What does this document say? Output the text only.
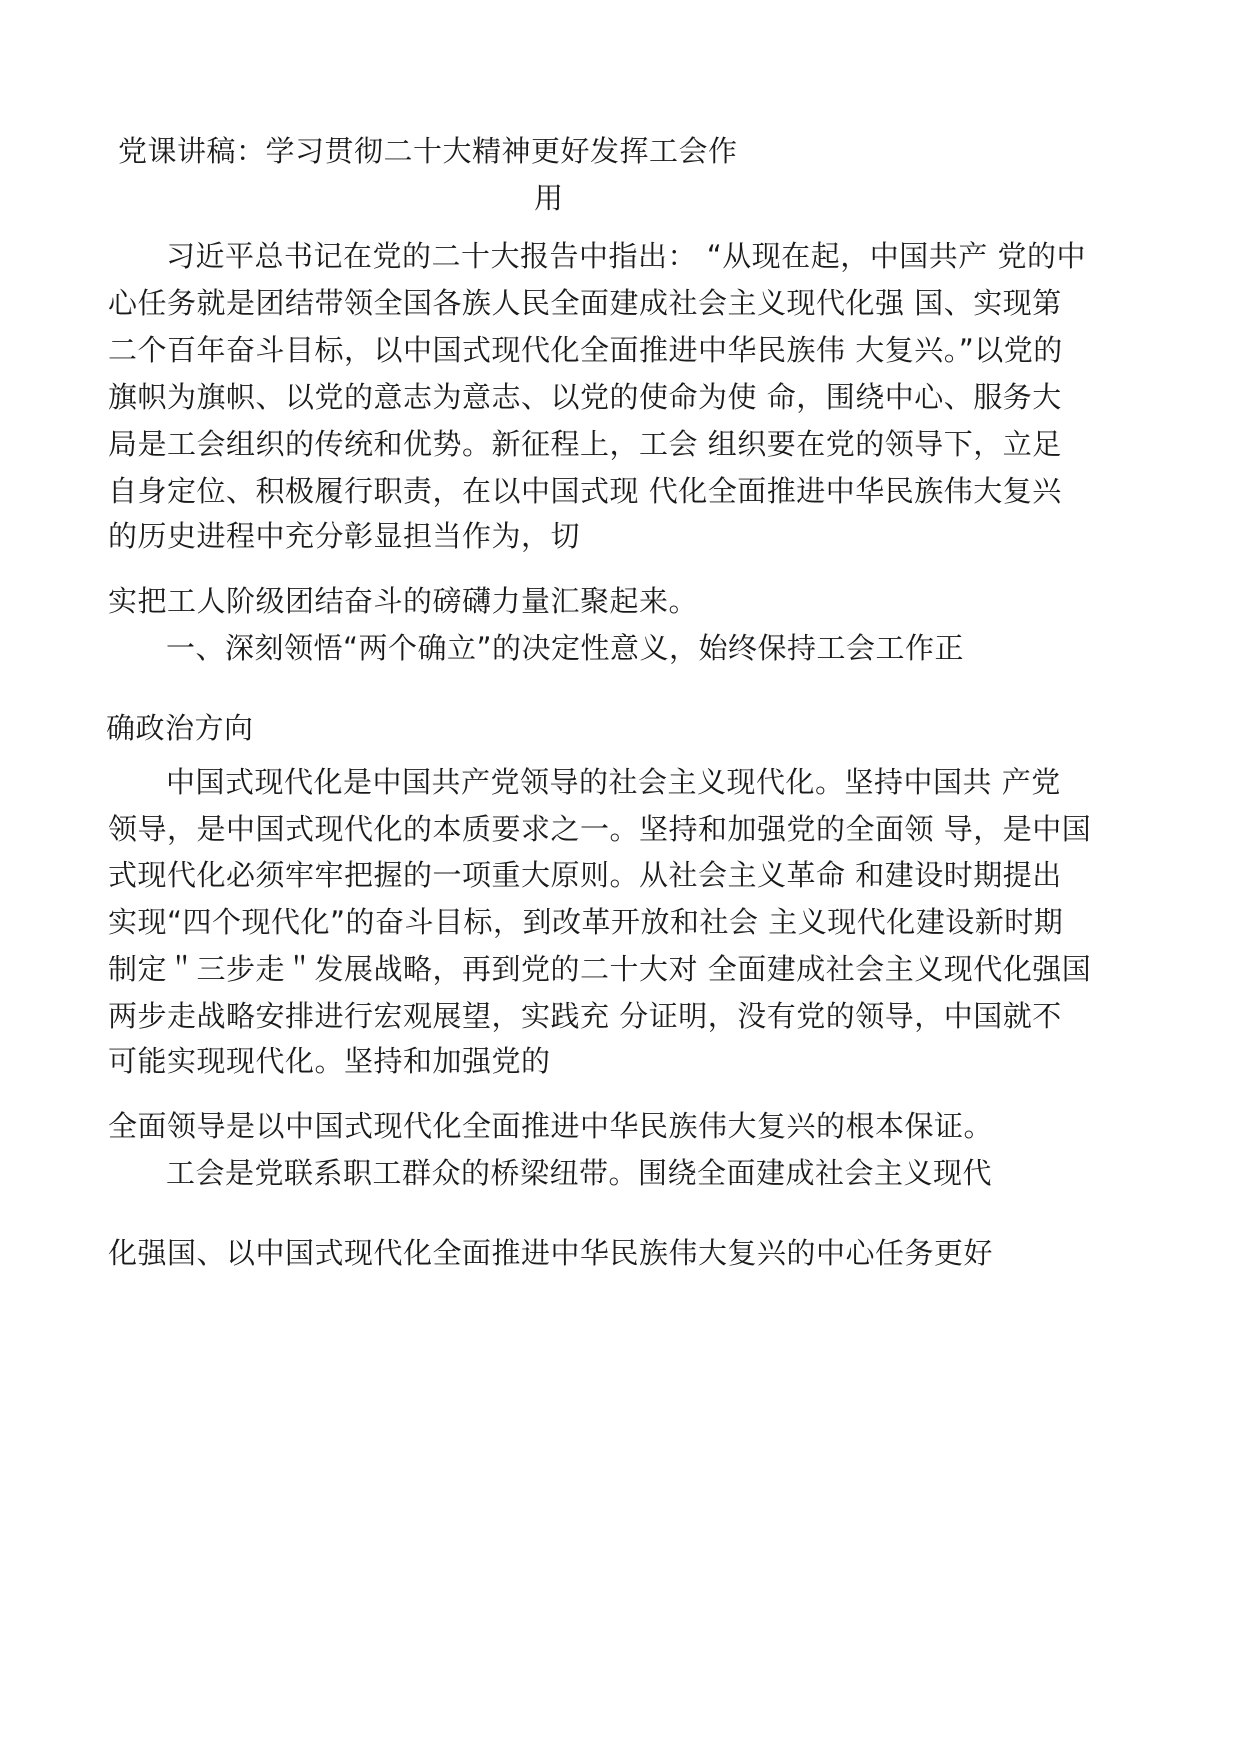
党课讲稿：学习贯彻二十大精神更好发挥工会作
用
习近平总书记在党的二十大报告中指出： “从现在起，中国共产 党的中
心任务就是团结带领全国各族人民全面建成社会主义现代化强 国、实现第
二个百年奋斗目标，以中国式现代化全面推进中华民族伟 大复兴。”以党的
旗帜为旗帜、以党的意志为意志、以党的使命为使 命，围绕中心、服务大
局是工会组织的传统和优势。新征程上，工会 组织要在党的领导下，立足
自身定位、积极履行职责，在以中国式现 代化全面推进中华民族伟大复兴
的历史进程中充分彰显担当作为，切
实把工人阶级团结奋斗的磅礴力量汇聚起来。
一、深刻领悟“两个确立”的决定性意义，始终保持工会工作正
确政治方向
中国式现代化是中国共产党领导的社会主义现代化。坚持中国共 产党
领导，是中国式现代化的本质要求之一。坚持和加强党的全面领 导，是中国
式现代化必须牢牢把握的一项重大原则。从社会主义革命 和建设时期提出
实现“四个现代化”的奋斗目标，到改革开放和社会 主义现代化建设新时期
制定＂三步走＂发展战略，再到党的二十大对 全面建成社会主义现代化强国
两步走战略安排进行宏观展望，实践充 分证明，没有党的领导，中国就不
可能实现现代化。坚持和加强党的
全面领导是以中国式现代化全面推进中华民族伟大复兴的根本保证。
工会是党联系职工群众的桥梁纽带。围绕全面建成社会主义现代
化强国、以中国式现代化全面推进中华民族伟大复兴的中心任务更好
